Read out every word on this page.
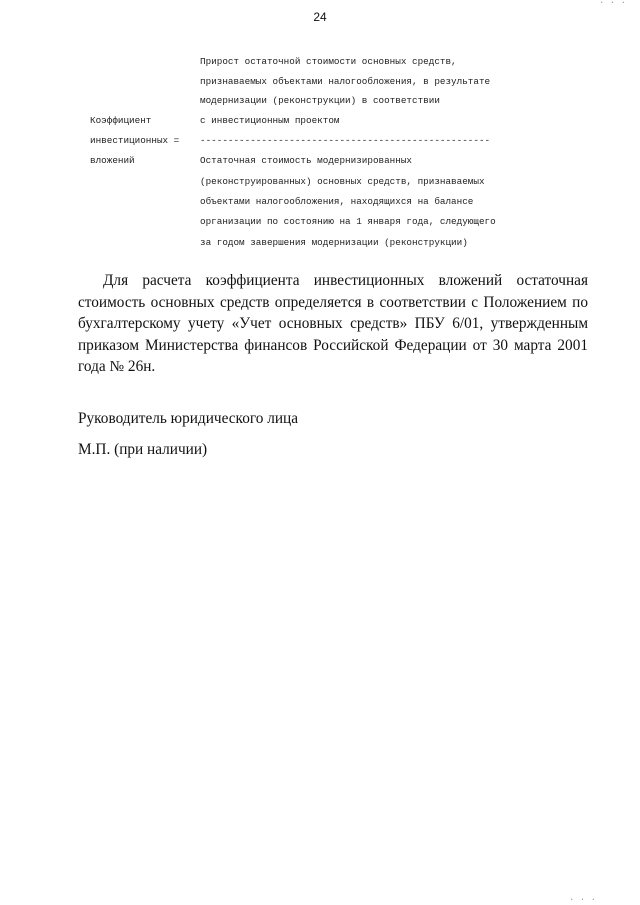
24
. . .

Прирост остаточной стоимости основных средств,

признаваемых объектами налогообложения, в результате

модернизации (реконструкции) в соответствии

с инвестиционным проектом

Коэффициент

инвестиционных =

----------------------------------------------------

вложений

	Остаточная стоимость модернизированных

(реконструированных) основных средств, признаваемых

объектами налогообложения, находящихся на балансе

организации по состоянию на 1 января года, следующего

за годом завершения модернизации (реконструкции)

Для расчета коэффициента инвестиционных вложений остаточная стоимость основных средств определяется в соответствии с Положением по бухгалтерскому учету «Учет основных средств» ПБУ 6/01, утвержденным приказом Министерства финансов Российской Федерации от 30 марта 2001 года № 26н.

Руководитель юридического лица

М.П. (при наличии)

. . .
